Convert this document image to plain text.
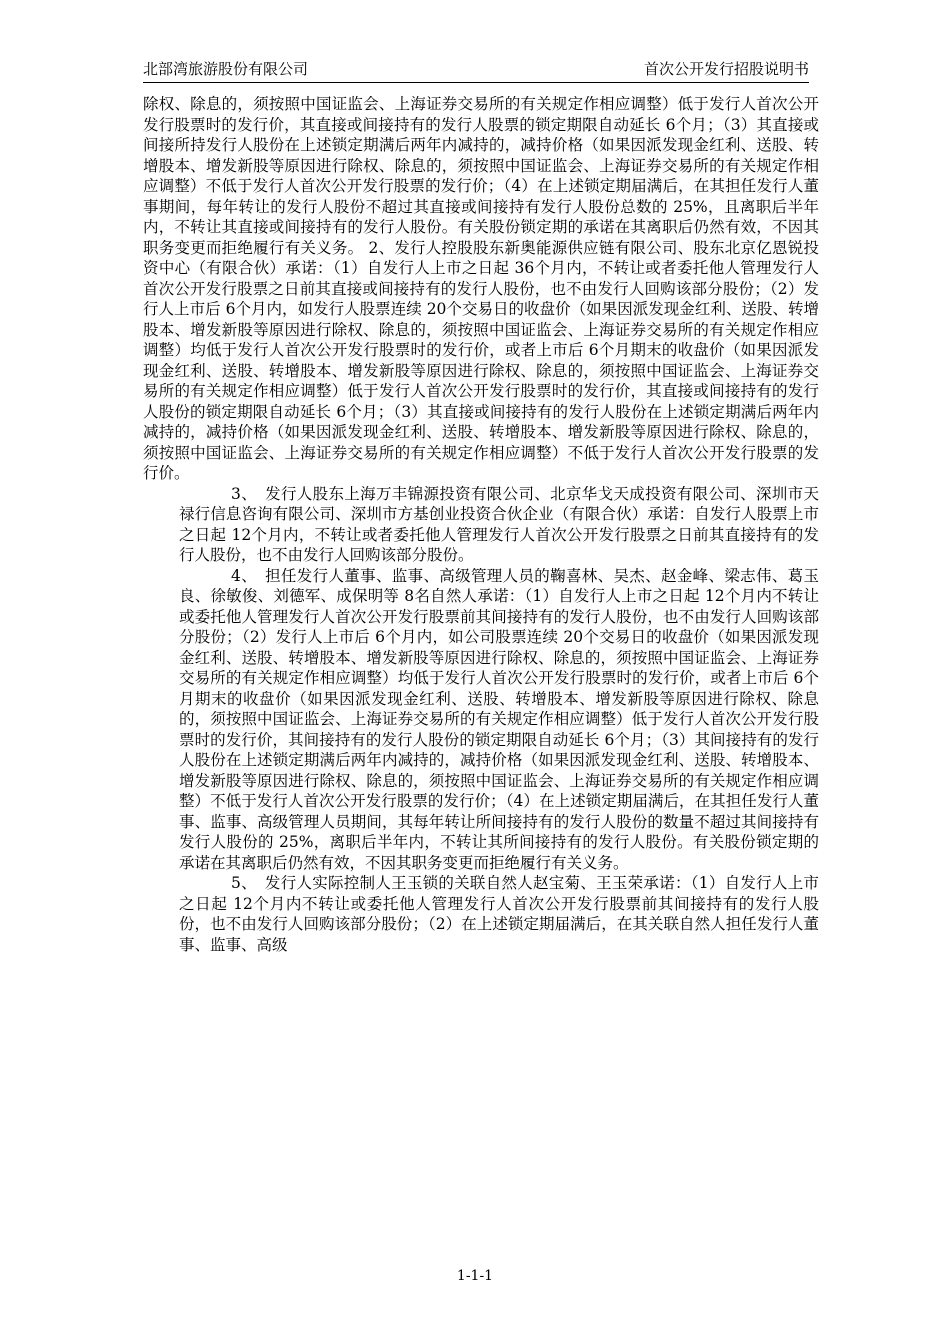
北部湾旅游股份有限公司	首次公开发行招股说明书

除权、除息的，须按照中国证监会、上海证券交易所的有关规定作相应调整）低于发行人首次公开发行股票时的发行价，其直接或间接持有的发行人股票的锁定期限自动延长 6个月；（3）其直接或间接所持发行人股份在上述锁定期满后两年内减持的，减持价格（如果因派发现金红利、送股、转增股本、增发新股等原因进行除权、除息的，须按照中国证监会、上海证券交易所的有关规定作相应调整）不低于发行人首次公开发行股票的发行价；（4）在上述锁定期届满后，在其担任发行人董事期间，每年转让的发行人股份不超过其直接或间接持有发行人股份总数的 25%，且离职后半年内，不转让其直接或间接持有的发行人股份。有关股份锁定期的承诺在其离职后仍然有效，不因其职务变更而拒绝履行有关义务。 2、发行人控股股东新奥能源供应链有限公司、股东北京亿恩锐投资中心（有限合伙）承诺：（1）自发行人上市之日起 36个月内，不转让或者委托他人管理发行人首次公开发行股票之日前其直接或间接持有的发行人股份，也不由发行人回购该部分股份；（2）发行人上市后 6个月内，如发行人股票连续 20个交易日的收盘价（如果因派发现金红利、送股、转增股本、增发新股等原因进行除权、除息的，须按照中国证监会、上海证券交易所的有关规定作相应调整）均低于发行人首次公开发行股票时的发行价，或者上市后 6个月期末的收盘价（如果因派发现金红利、送股、转增股本、增发新股等原因进行除权、除息的，须按照中国证监会、上海证券交易所的有关规定作相应调整）低于发行人首次公开发行股票时的发行价，其直接或间接持有的发行人股份的锁定期限自动延长 6个月；（3）其直接或间接持有的发行人股份在上述锁定期满后两年内减持的，减持价格（如果因派发现金红利、送股、转增股本、增发新股等原因进行除权、除息的，须按照中国证监会、上海证券交易所的有关规定作相应调整）不低于发行人首次公开发行股票的发行价。

3、　发行人股东上海万丰锦源投资有限公司、北京华戈天成投资有限公司、深圳市天禄行信息咨询有限公司、深圳市方基创业投资合伙企业（有限合伙）承诺：自发行人股票上市之日起 12个月内，不转让或者委托他人管理发行人首次公开发行股票之日前其直接持有的发行人股份，也不由发行人回购该部分股份。

4、　担任发行人董事、监事、高级管理人员的鞠喜林、吴杰、赵金峰、梁志伟、葛玉良、徐敏俊、刘德军、成保明等 8名自然人承诺：（1）自发行人上市之日起 12个月内不转让或委托他人管理发行人首次公开发行股票前其间接持有的发行人股份，也不由发行人回购该部分股份；（2）发行人上市后 6个月内，如公司股票连续 20个交易日的收盘价（如果因派发现金红利、送股、转增股本、增发新股等原因进行除权、除息的，须按照中国证监会、上海证券交易所的有关规定作相应调整）均低于发行人首次公开发行股票时的发行价，或者上市后 6个月期末的收盘价（如果因派发现金红利、送股、转增股本、增发新股等原因进行除权、除息的，须按照中国证监会、上海证券交易所的有关规定作相应调整）低于发行人首次公开发行股票时的发行价，其间接持有的发行人股份的锁定期限自动延长 6个月；（3）其间接持有的发行人股份在上述锁定期满后两年内减持的，减持价格（如果因派发现金红利、送股、转增股本、增发新股等原因进行除权、除息的，须按照中国证监会、上海证券交易所的有关规定作相应调整）不低于发行人首次公开发行股票的发行价；（4）在上述锁定期届满后，在其担任发行人董事、监事、高级管理人员期间，其每年转让所间接持有的发行人股份的数量不超过其间接持有发行人股份的 25%，离职后半年内，不转让其所间接持有的发行人股份。有关股份锁定期的承诺在其离职后仍然有效，不因其职务变更而拒绝履行有关义务。

5、　发行人实际控制人王玉锁的关联自然人赵宝菊、王玉荣承诺：（1）自发行人上市之日起 12个月内不转让或委托他人管理发行人首次公开发行股票前其间接持有的发行人股份，也不由发行人回购该部分股份；（2）在上述锁定期届满后，在其关联自然人担任发行人董事、监事、高级

1-1-1
